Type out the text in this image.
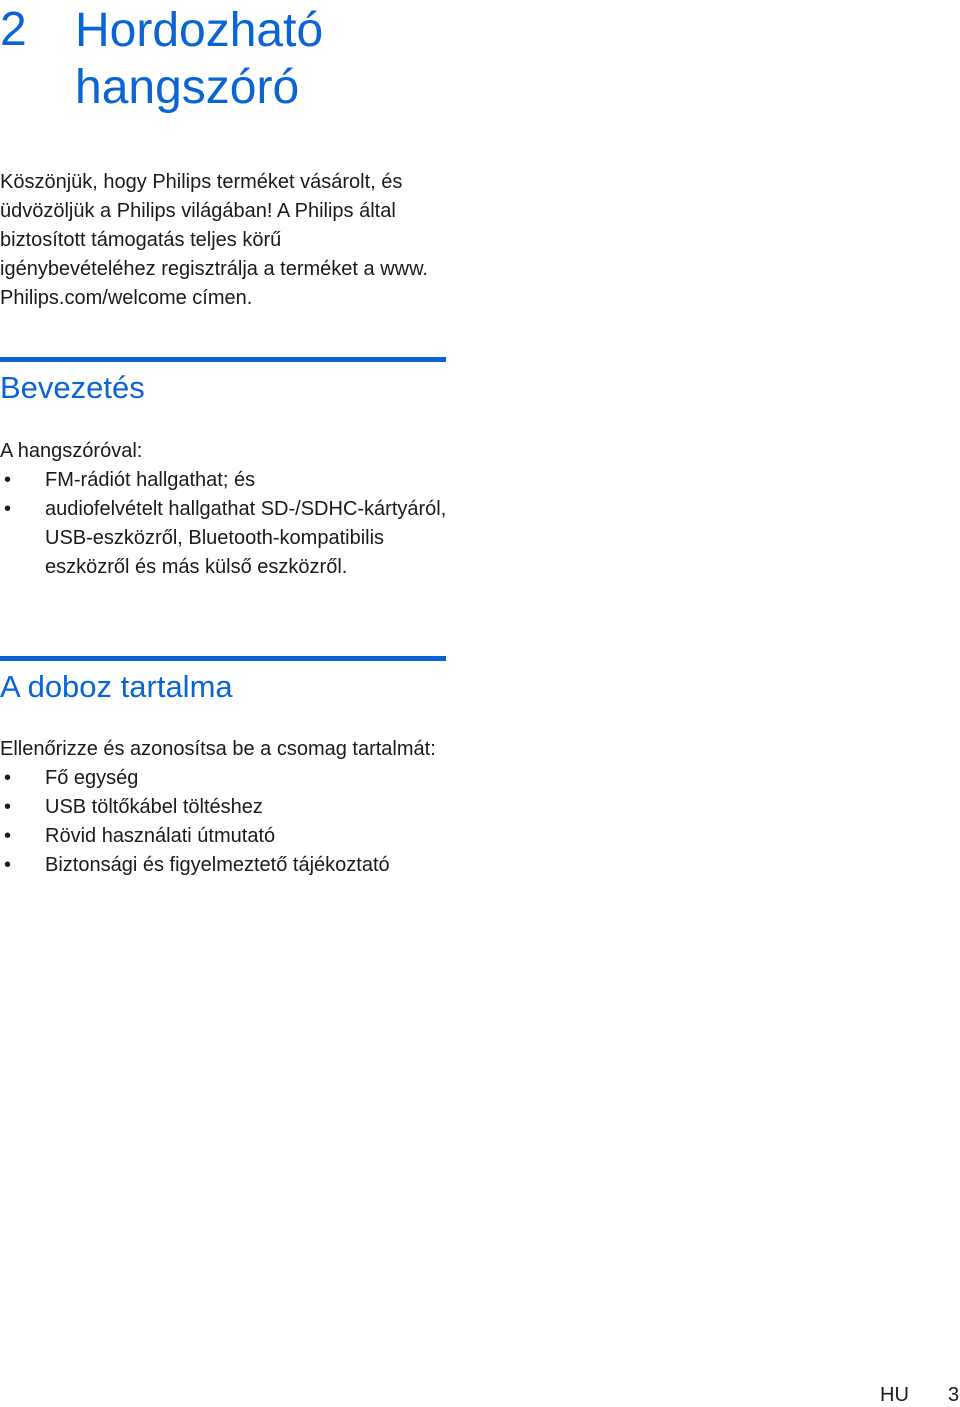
2 Hordozható hangszóró

Köszönjük, hogy Philips terméket vásárolt, és üdvözöljük a Philips világában! A Philips által biztosított támogatás teljes körű igénybevételéhez regisztrálja a terméket a www. Philips.com/welcome címen.

Bevezetés
A hangszóróval:
• FM-rádiót hallgathat; és
• audiofelvételt hallgathat SD-/SDHC-kártyáról, USB-eszközről, Bluetooth-kompatibilis eszközről és más külső eszközről.
A doboz tartalma
Ellenőrizze és azonosítsa be a csomag tartalmát:
• Fő egység
• USB töltőkábel töltéshez
• Rövid használati útmutató
• Biztonsági és figyelmeztető tájékoztató
HU 3
